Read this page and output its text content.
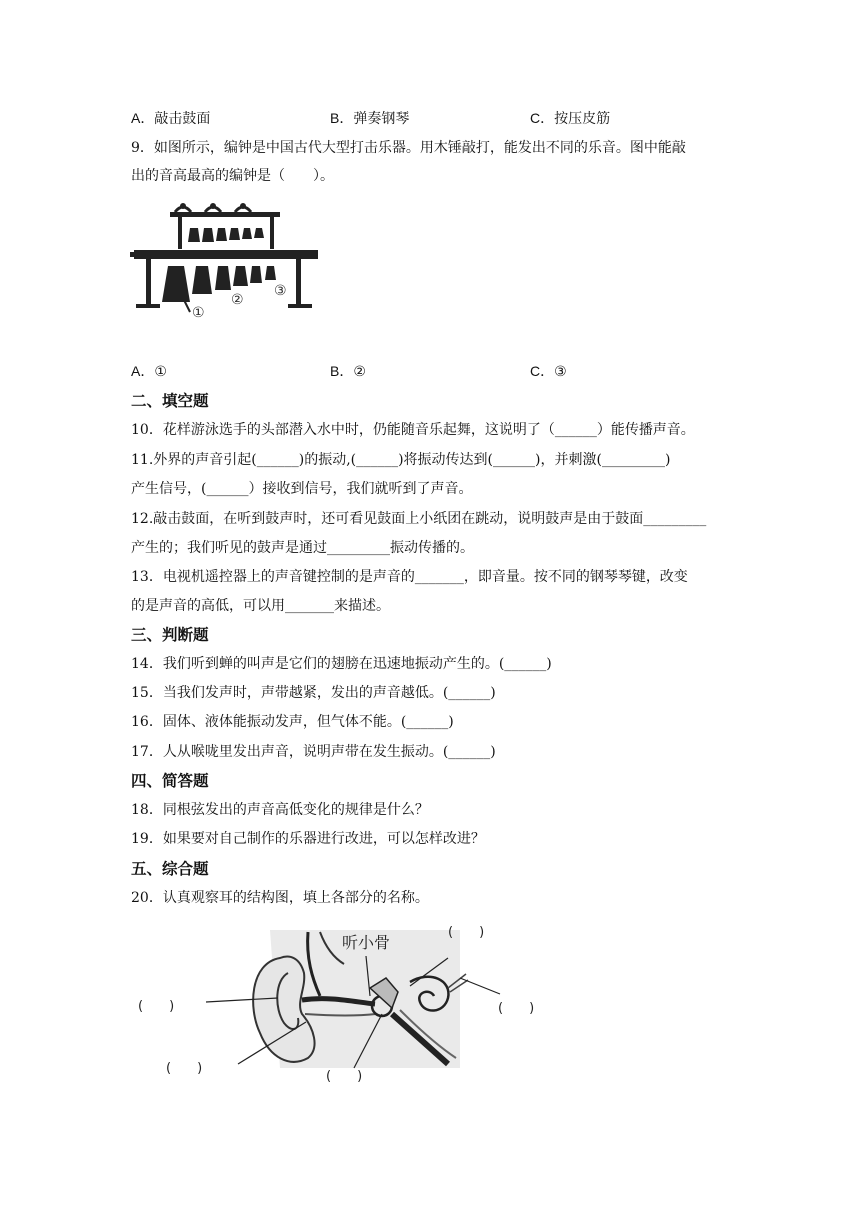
A．敲击鼓面	B．弹奏钢琴	C．按压皮筋
9．如图所示，编钟是中国古代大型打击乐器。用木锤敲打，能发出不同的乐音。图中能敲
出的音高最高的编钟是（　　）。
①
②
③
A．①	B．②	C．③
二、填空题
10．花样游泳选手的头部潜入水中时，仍能随音乐起舞，这说明了（______）能传播声音。
11.外界的声音引起(______)的振动,(______)将振动传达到(______)，并刺激(_________)
产生信号，(______）接收到信号，我们就听到了声音。
12.敲击鼓面，在听到鼓声时，还可看见鼓面上小纸团在跳动，说明鼓声是由于鼓面_________
产生的；我们听见的鼓声是通过_________振动传播的。
13．电视机遥控器上的声音键控制的是声音的_______，即音量。按不同的钢琴琴键，改变
的是声音的高低，可以用_______来描述。
三、判断题
14．我们听到蝉的叫声是它们的翅膀在迅速地振动产生的。(______)
15．当我们发声时，声带越紧，发出的声音越低。(______)
16．固体、液体能振动发声，但气体不能。(______)
17．人从喉咙里发出声音，说明声带在发生振动。(______)
四、简答题
18．同根弦发出的声音高低变化的规律是什么？
19．如果要对自己制作的乐器进行改进，可以怎样改进？
五、综合题
20．认真观察耳的结构图，填上各部分的名称。
听小骨
(　　)
(　　)	(　　)
(　　)
(　　)
